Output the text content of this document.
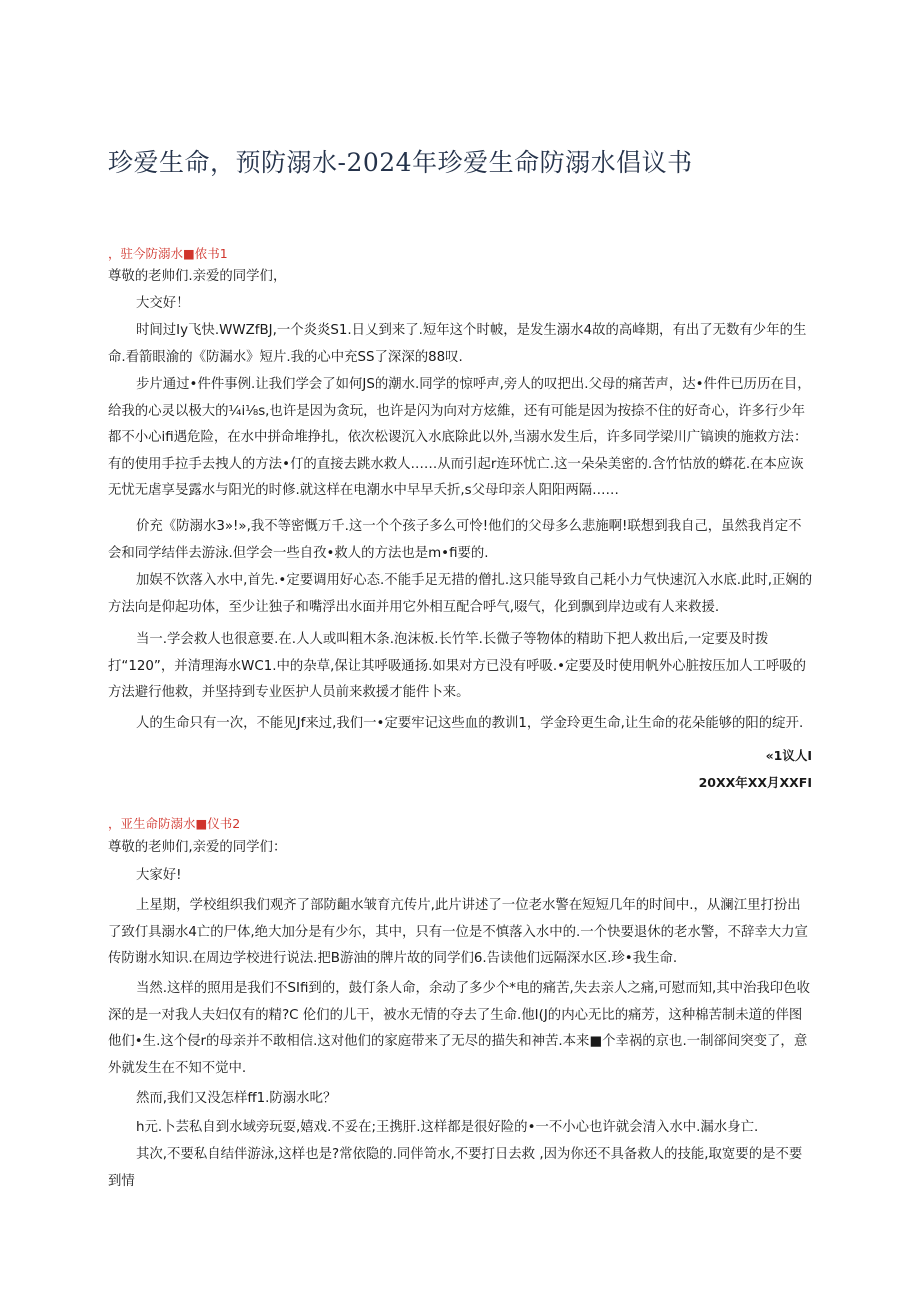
珍爱生命，预防溺水-2024年珍爱生命防溺水倡议书
，驻今防溺水■侬书1
尊敬的老帅们.亲爱的同学们，
大交好！
时间过Iy飞快.WWZfBJ,一个炎炎S1.日乂到来了.短年这个时帔，是发生溺水4故的高峰期，有出了无数有少年的生命.看箭眼渝的《防漏水》短片.我的心中充SS了深深的88叹.
步片通过•件件事例.让我们学会了如何JS的潮水.同学的惊呼声,旁人的叹把出.父母的痛苦声，达•件件已历历在目，给我的心灵以极大的¼i⅛s,也许是因为贪玩，也许是闪为向对方炫維，还有可能是因为按捺不住的好奇心，许多行少年都不小心ifi遇危险，在水中拼命堆挣扎，依次松谡沉入水底除此以外,当溺水发生后，许多同学梁川广镐谀的施救方法：有的使用手拉手去拽人的方法•仃的直接去跳水救人……从而引起r连环忧亡.这一朵朵美密的.含竹怙放的蟒花.在本应诙无忧无虐享旻露水与阳光的时修.就这样在电潮水中早早夭折,s父母印亲人阳阳两隔……
价充《防溺水3»!»,我不等密慨万千.这一个个孩子多么可怜!他们的父母多么悲施啊!联想到我自己，虽然我肖定不会和同学结伴去游泳.但学会一些自孜•救人的方法也是m•fi要的.
加娱不饮落入水中,首先.•定要调用好心态.不能手足无措的僧扎.这只能导致自己耗小力气快速沉入水底.此时,正娴的方法向是仰起功体，至少让独子和嘴浮出水面并用它外相互配合呼气,啜气，化到飘到岸边或有人来救援.
当一.学会救人也很意要.在.人人或叫粗木条.泡沫板.长竹竿.长微子等物体的精助下把人救出后,一定要及时拨打“120”，并清理海水WC1.中的杂草,保让其呼吸通扬.如果对方已没有呼吸.•定要及时使用帆外心脏按压加人工呼吸的方法避行他救，并坚持到专业医护人员前来救援才能件卜来。
人的生命只有一次，不能见Jf来过,我们一•定要牢记这些血的教训1，学金玲更生命,让生命的花朵能够的阳的绽开.
«1议人I
20XX年XX月XXFI
，亚生命防溺水■仪书2
尊敬的老帅们,亲爱的同学们：
大家好!
上星期，学校组织我们观齐了部防齟水皱育亢传片,此片讲述了一位老水警在短短几年的时间中.，从澜江里打扮出了致仃具溺水4亡的尸体,绝大加分是有少尓，其中，只有一位是不慎落入水中的.一个快要退休的老水警，不辞幸大力宣传防谢水知识.在周边学校进行说法.把B游油的牌片故的同学们6.告读他们远隔深水区.珍•我生命.
当然.这样的照用是我们不SIfi到的，鼓仃条人命，余动了多少个*电的痛苦,失去亲人之痛,可慰而知,其中治我印色收深的是一对我人夫妇仅有的精?C 伦们的儿干，被水无情的夺去了生命.他I(J的内心无比的痛芳，这种棉苦制未道的伴图他们•生.这个侵r的母亲并不敢相信.这对他们的家庭带来了无尽的描失和神苦.本来■个幸祸的京也.一制郤间突变了，意外就发生在不知不觉中.
然而,我们又没怎样ff1.防溺水叱？
h元.卜芸私自到水域旁玩耍,嬉戏.不妥在;王携肝.这样都是很好险的•一不小心也许就会清入水中.漏水身亡.
其次,不要私自结伴游泳,这样也是?常依隐的.同伴笥水,不要打日去救 ,因为你还不具备救人的技能,取宽要的是不要到情
